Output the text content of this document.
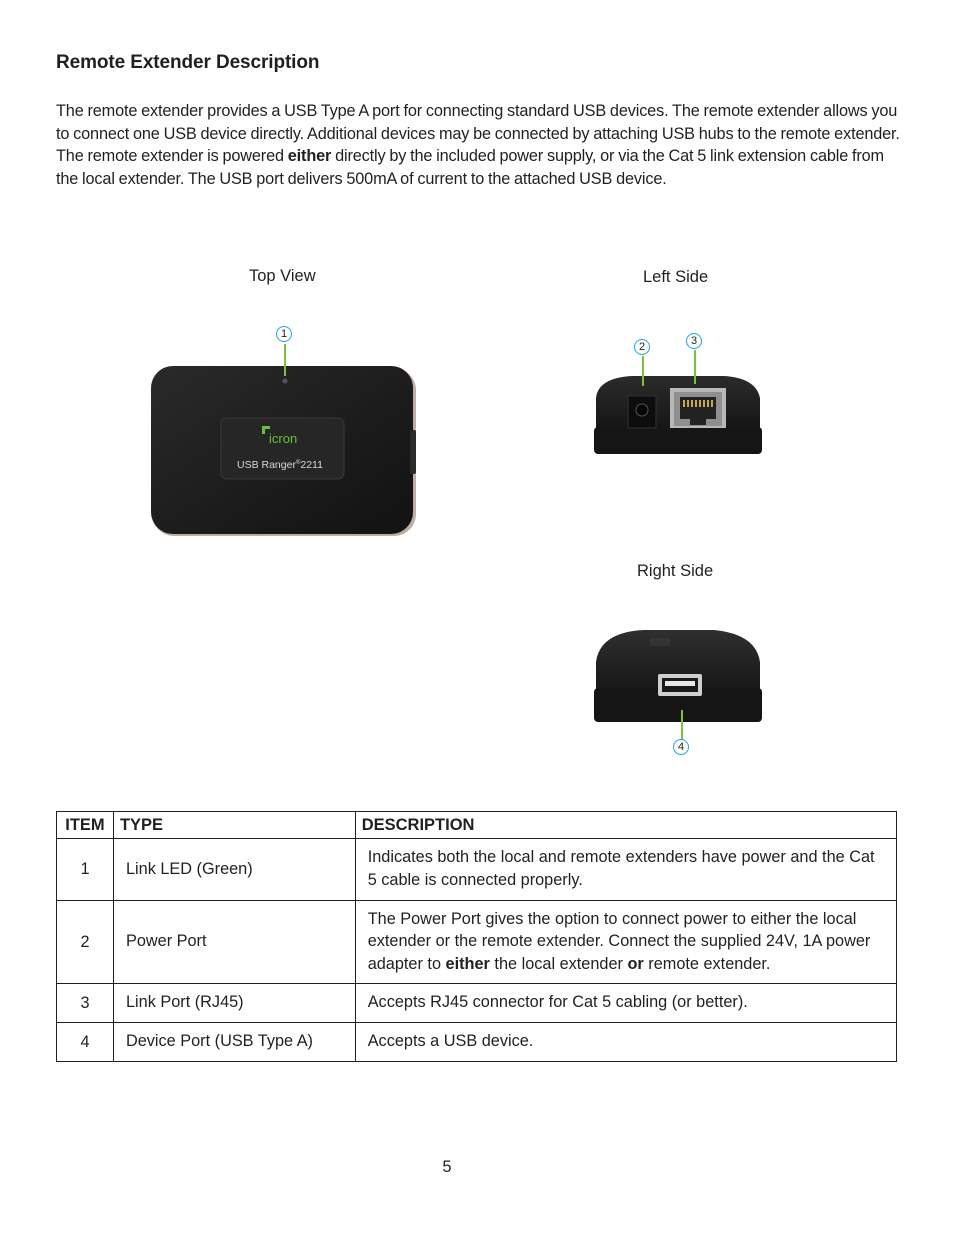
Remote Extender Description
The remote extender provides a USB Type A port for connecting standard USB devices. The remote extender allows you to connect one USB device directly. Additional devices may be connected by attaching USB hubs to the remote extender. The remote extender is powered either directly by the included power supply, or via the Cat 5 link extension cable from the local extender. The USB port delivers 500mA of current to the attached USB device.
Top View	Left Side
Right Side
icron
USB Ranger®2211
1
2	3
4
ITEM	TYPE	DESCRIPTION
1	Link LED (Green)	Indicates both the local and remote extenders have power and the Cat 5 cable is connected properly.
2	Power Port	The Power Port gives the option to connect power to either the local extender or the remote extender. Connect the supplied 24V, 1A power adapter to either the local extender or remote extender.
3	Link Port (RJ45)	Accepts RJ45 connector for Cat 5 cabling (or better).
4	Device Port (USB Type A)	Accepts a USB device.
5
